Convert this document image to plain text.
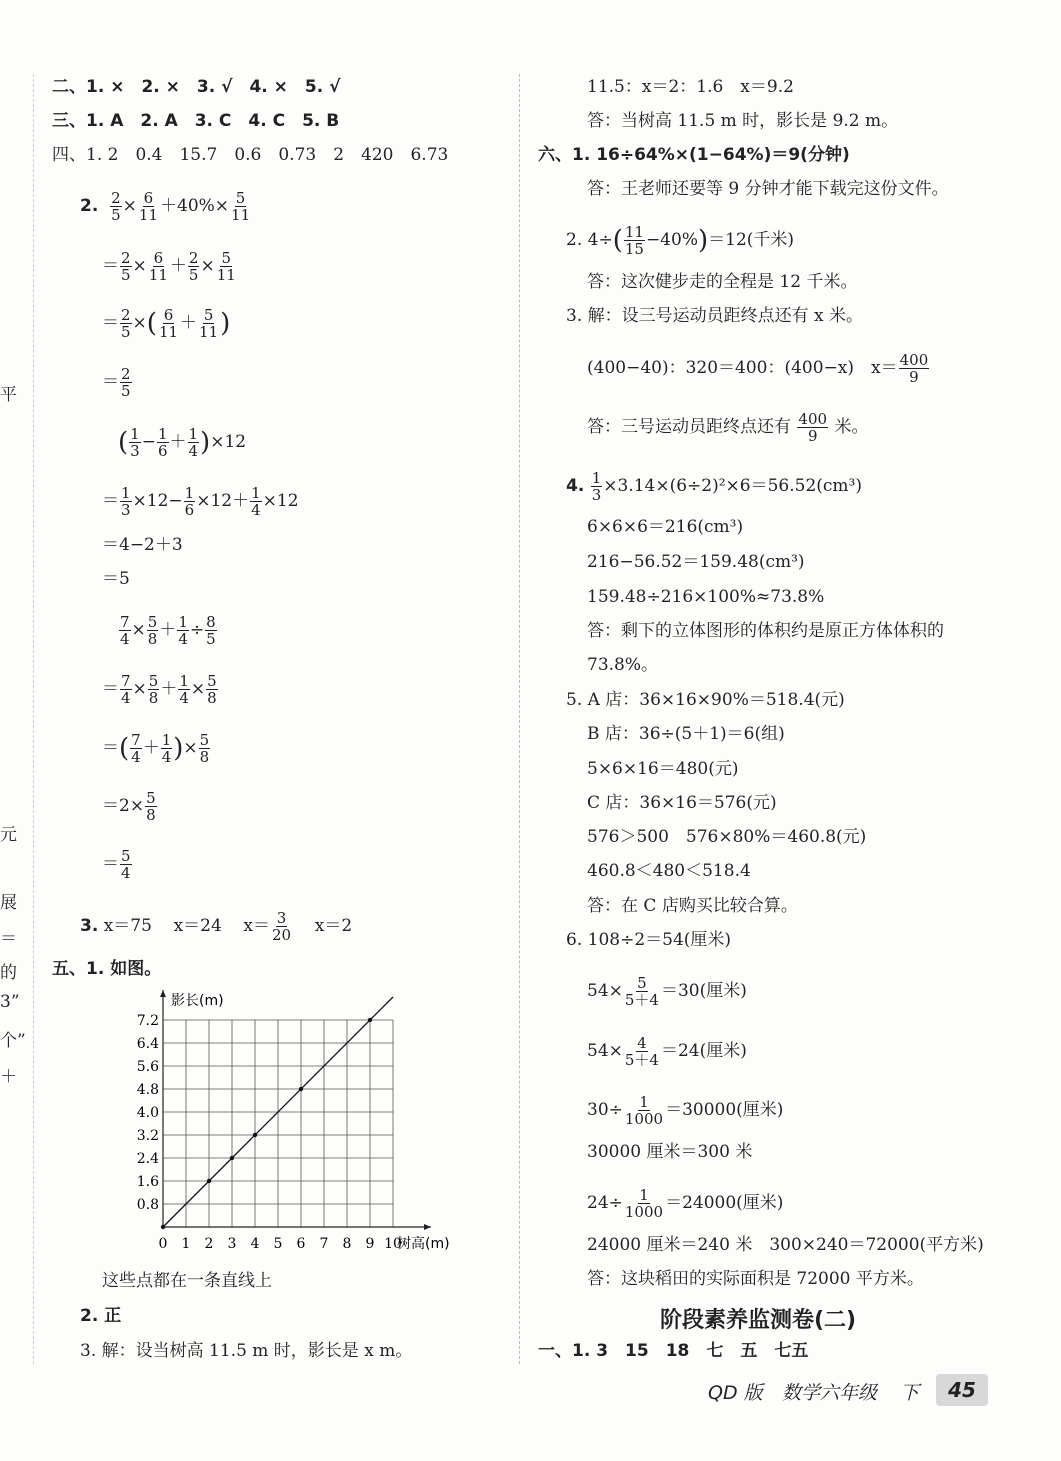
平
元
展
＝
的
3”
个”
＋
二、1. ×　2. ×　3. √　4. ×　5. √
三、1. A　2. A　3. C　4. C　5. B
四、1. 2　0.4　15.7　0.6　0.73　2　420　6.73
2. $\frac{2}{5} \times \frac{6}{11} +40\%\times \frac{5}{11}$
＝ $\frac{2}{5} \times \frac{6}{11} + \frac{2}{5} \times \frac{5}{11}$
＝ $\frac{2}{5}$ ×( $\frac{6}{11} + \frac{5}{11}$ )
＝ $\frac{2}{5}$
( $\frac{1}{3} - \frac{1}{6} + \frac{1}{4} )\times 12$
＝ $\frac{1}{3} \times 12- \frac{1}{6} \times 12+ \frac{1}{4} \times 12$
＝4−2＋3
＝5
$\frac{7}{4} \times \frac{5}{8} + \frac{1}{4} \div \frac{8}{5}$
＝ $\frac{7}{4} \times \frac{5}{8} + \frac{1}{4} \times \frac{5}{8}$
＝( $\frac{7}{4} + \frac{1}{4}$ )× $\frac{5}{8}$
$=2\times \frac{5}{8}$
＝ $\frac{5}{4}$
3. x＝75 x＝24 $x= \frac{3}{20} x=2$
五、1. 如图。
0 1 2 3 4 5 6 7 8 9 10
0.8
1.6
2.4
3.2
4.0
4.8
5.6
6.4
7.2
影长(m)
树高(m)
这些点都在一条直线上
2. 正
3. 解：设当树高 11.5 m 时，影长是 x m。
11.5：x＝2：1.6　x＝9.2
答：当树高 11.5 m 时，影长是 9.2 m。
六、1. 16÷64%×(1−64%)＝9(分钟)
答：王老师还要等 9 分钟才能下载完这份文件。
2. $4\div( \frac{11}{15} -40\%)=12$(千米)
答：这次健步走的全程是 12 千米。
3. 解：设三号运动员距终点还有 x 米。
(400−40)：320＝400：(400−x)　$x= \frac{400}{9}$
答：三号运动员距终点还有 $\frac{400}{9}$ 米。
4. $\frac{1}{3} \times 3.14\times(6\div 2)^2\times 6=56.52(cm^3)$
6×6×6＝216(cm³)
216−56.52＝159.48(cm³)
159.48÷216×100%≈73.8%
答：剩下的立体图形的体积约是原正方体体积的
73.8%。
5. A 店：36×16×90%＝518.4(元)
B 店：36÷(5＋1)＝6(组)
5×6×16＝480(元)
C 店：36×16＝576(元)
576＞500　576×80%＝460.8(元)
460.8＜480＜518.4
答：在 C 店购买比较合算。
6. 108÷2＝54(厘米)
$54\times \frac{5}{5+4} =30$(厘米)
$54\times \frac{4}{5+4} =24$(厘米)
$30\div \frac{1}{1000} =30000$(厘米)
30000 厘米＝300 米
$24\div \frac{1}{1000} =24000$(厘米)
24000 厘米＝240 米　300×240＝72000(平方米)
答：这块稻田的实际面积是 72000 平方米。
阶段素养监测卷(二)
一、1. 3　15　18　七　五　七五
QD 版 数学六年级 下	45
